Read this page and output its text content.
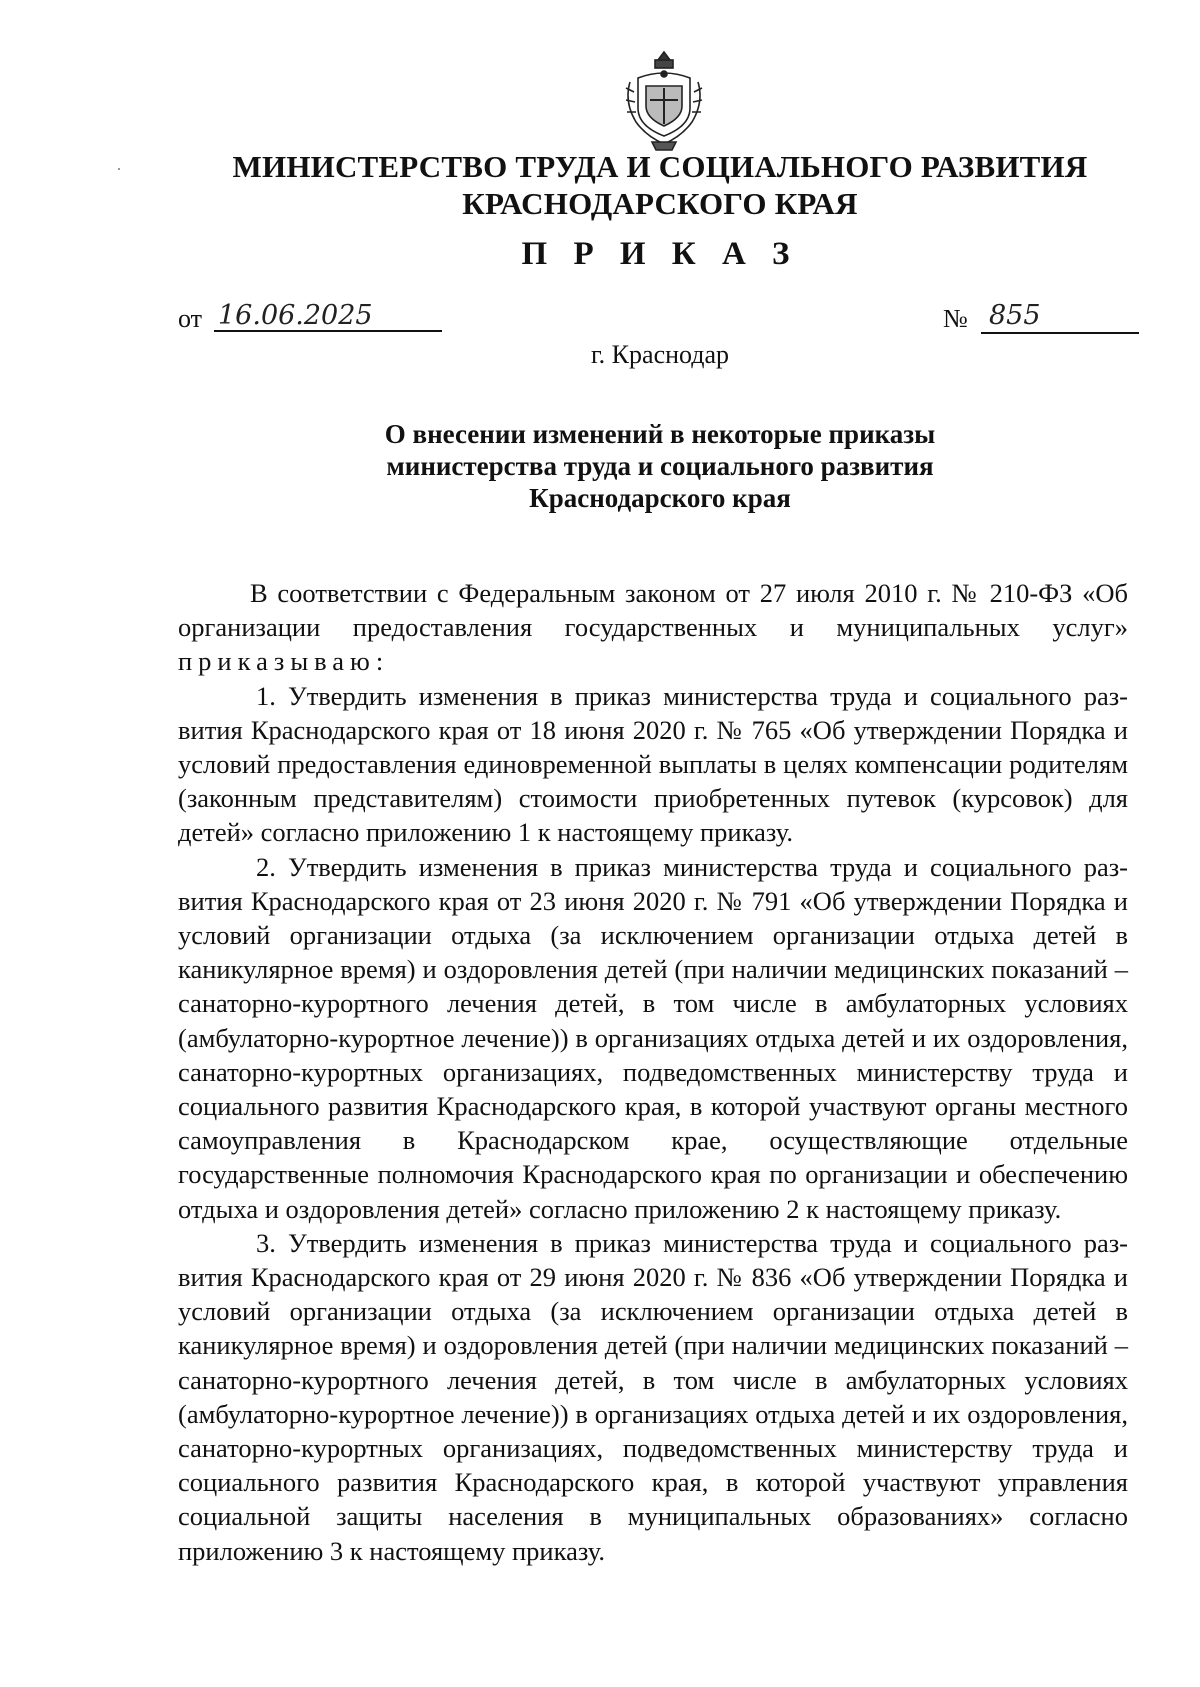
МИНИСТЕРСТВО ТРУДА И СОЦИАЛЬНОГО РАЗВИТИЯ
КРАСНОДАРСКОГО КРАЯ
П Р И К А З
от 16.06.2025	№ 855
г. Краснодар
О внесении изменений в некоторые приказы
министерства труда и социального развития
Краснодарского края

В соответствии с Федеральным законом от 27 июля 2010 г. № 210-ФЗ «Об организации предоставления государственных и муниципальных услуг» приказываю:

1. Утвердить изменения в приказ министерства труда и социального развития Краснодарского края от 18 июня 2020 г. № 765 «Об утверждении Порядка и условий предоставления единовременной выплаты в целях компенсации родителям (законным представителям) стоимости приобретенных путевок (курсовок) для детей» согласно приложению 1 к настоящему приказу.

2. Утвердить изменения в приказ министерства труда и социального развития Краснодарского края от 23 июня 2020 г. № 791 «Об утверждении Порядка и условий организации отдыха (за исключением организации отдыха детей в каникулярное время) и оздоровления детей (при наличии медицинских показаний – санаторно-курортного лечения детей, в том числе в амбулаторных условиях (амбулаторно-курортное лечение)) в организациях отдыха детей и их оздоровления, санаторно-курортных организациях, подведомственных министерству труда и социального развития Краснодарского края, в которой участвуют органы местного самоуправления в Краснодарском крае, осуществляющие отдельные государственные полномочия Краснодарского края по организации и обеспечению отдыха и оздоровления детей» согласно приложению 2 к настоящему приказу.

3. Утвердить изменения в приказ министерства труда и социального развития Краснодарского края от 29 июня 2020 г. № 836 «Об утверждении Порядка и условий организации отдыха (за исключением организации отдыха детей в каникулярное время) и оздоровления детей (при наличии медицинских показаний – санаторно-курортного лечения детей, в том числе в амбулаторных условиях (амбулаторно-курортное лечение)) в организациях отдыха детей и их оздоровления, санаторно-курортных организациях, подведомственных министерству труда и социального развития Краснодарского края, в которой участвуют управления социальной защиты населения в муниципальных образованиях» согласно приложению 3 к настоящему приказу.
